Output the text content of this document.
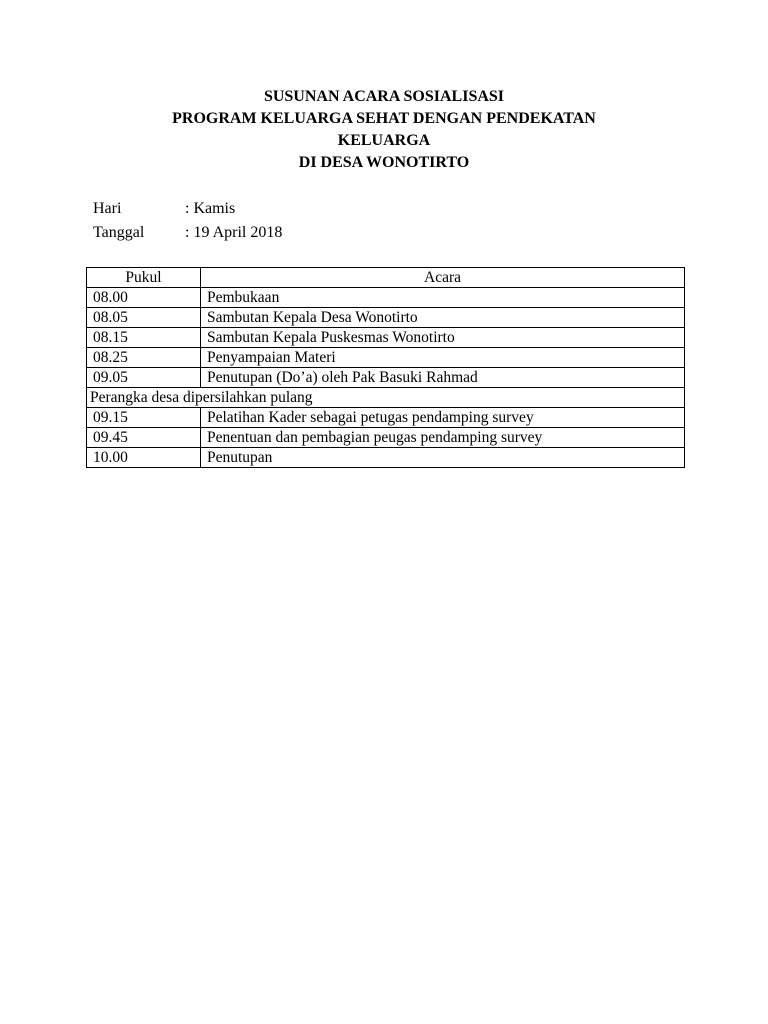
SUSUNAN ACARA SOSIALISASI
PROGRAM KELUARGA SEHAT DENGAN PENDEKATAN
KELUARGA
DI DESA WONOTIRTO
Hari	: Kamis
Tanggal	: 19 April 2018
Pukul	Acara
08.00	Pembukaan
08.05	Sambutan Kepala Desa Wonotirto
08.15	Sambutan Kepala Puskesmas Wonotirto
08.25	Penyampaian Materi
09.05	Penutupan (Do’a) oleh Pak Basuki Rahmad
Perangka desa dipersilahkan pulang	
09.15	Pelatihan Kader sebagai petugas pendamping survey
09.45	Penentuan dan pembagian peugas pendamping survey
10.00	Penutupan
